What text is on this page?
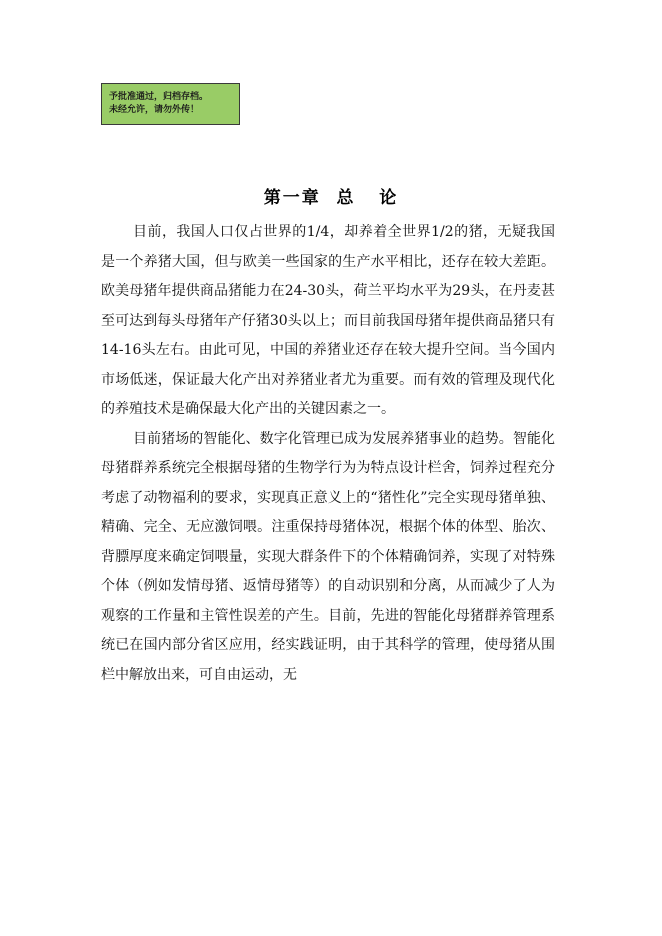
予批准通过，归档存档。
未经允许，请勿外传！
第一章  总   论

目前，我国人口仅占世界的1/4，却养着全世界1/2的猪，无疑我国是一个养猪大国，但与欧美一些国家的生产水平相比，还存在较大差距。欧美母猪年提供商品猪能力在24-30头，荷兰平均水平为29头，在丹麦甚至可达到每头母猪年产仔猪30头以上；而目前我国母猪年提供商品猪只有14-16头左右。由此可见，中国的养猪业还存在较大提升空间。当今国内市场低迷，保证最大化产出对养猪业者尤为重要。而有效的管理及现代化的养殖技术是确保最大化产出的关键因素之一。

目前猪场的智能化、数字化管理已成为发展养猪事业的趋势。智能化母猪群养系统完全根据母猪的生物学行为为特点设计栏舍，饲养过程充分考虑了动物福利的要求，实现真正意义上的“猪性化”完全实现母猪单独、精确、完全、无应激饲喂。注重保持母猪体况，根据个体的体型、胎次、背膘厚度来确定饲喂量，实现大群条件下的个体精确饲养，实现了对特殊个体（例如发情母猪、返情母猪等）的自动识别和分离，从而减少了人为观察的工作量和主管性误差的产生。目前，先进的智能化母猪群养管理系统已在国内部分省区应用，经实践证明，由于其科学的管理，使母猪从围栏中解放出来，可自由运动，无
